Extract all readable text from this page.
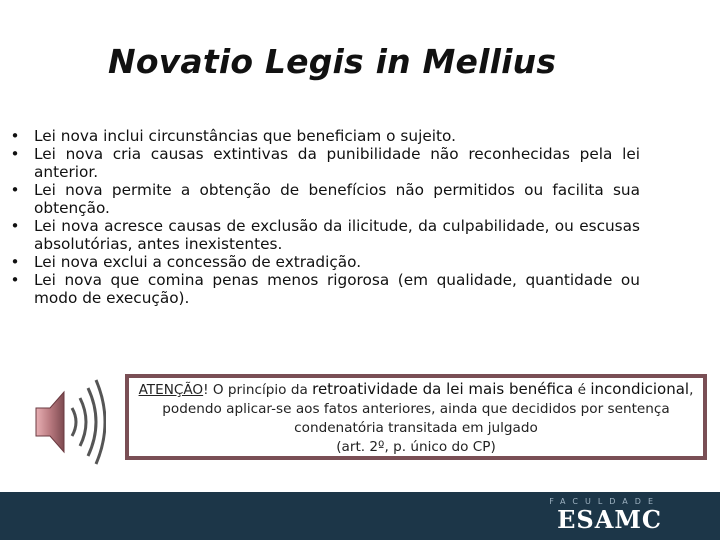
Novatio Legis in Mellius
• Lei nova inclui circunstâncias que beneficiam o sujeito.
• Lei nova cria causas extintivas da punibilidade não reconhecidas pela lei anterior.
• Lei nova permite a obtenção de benefícios não permitidos ou facilita sua obtenção.
• Lei nova acresce causas de exclusão da ilicitude, da culpabilidade, ou escusas absolutórias, antes inexistentes.
• Lei nova exclui a concessão de extradição.
• Lei nova que comina penas menos rigorosa (em qualidade, quantidade ou modo de execução).
ATENÇÃO! O princípio da retroatividade da lei mais benéfica é incondicional, podendo aplicar-se aos fatos anteriores, ainda que decididos por sentença condenatória transitada em julgado
(art. 2º, p. único do CP)
FACULDADE
ESAMC
